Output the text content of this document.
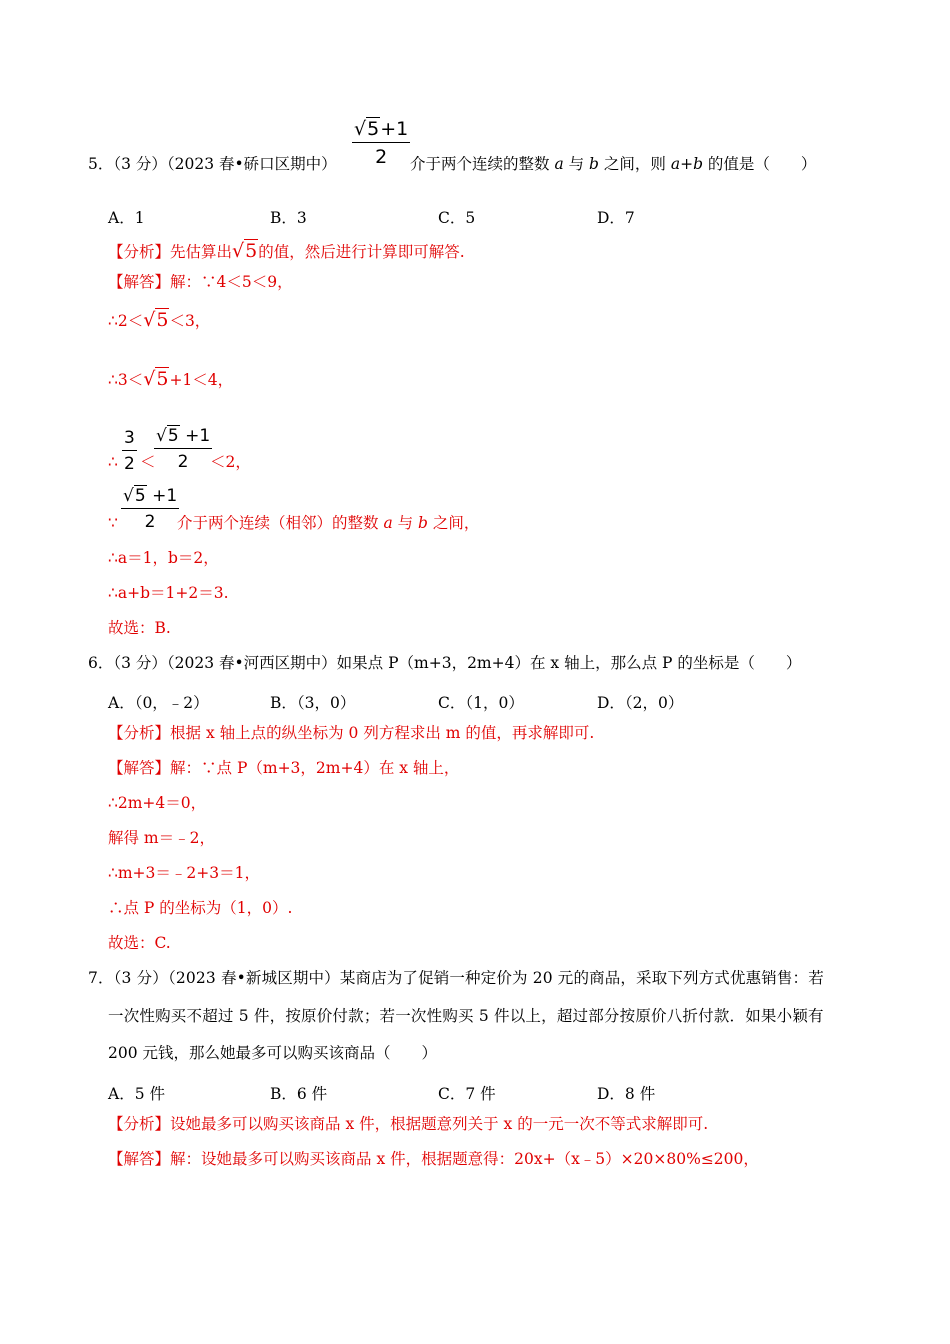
$\frac{√5+1}{2}$
5．（3 分）（2023 春•硚口区期中）	介于两个连续的整数 a 与 b 之间，则 a+b 的值是（　　）
A．1	B．3	C．5	D．7
【分析】先估算出√5的值，然后进行计算即可解答.
【解答】解：∵4＜5＜9，
∴2＜√5＜3，
∴3＜√5+1＜4，
∴ $\frac{3}{2}$ ＜
$\frac{√5 +1}{2}$
＜2，
∵ $\frac{√5 +1}{2}$
介于两个连续（相邻）的整数 a 与 b 之间，
∴a＝1，b＝2，
∴a+b＝1+2＝3.
故选：B.
6．（3 分）（2023 春•河西区期中）如果点 P（m+3，2m+4）在 x 轴上，那么点 P 的坐标是（　　）
A．（0，﹣2）	B．（3，0）	C．（1，0）	D．（2，0）
【分析】根据 x 轴上点的纵坐标为 0 列方程求出 m 的值，再求解即可.
【解答】解：∵点 P（m+3，2m+4）在 x 轴上，
∴2m+4＝0，
解得 m＝﹣2，
∴m+3＝﹣2+3＝1，
∴点 P 的坐标为（1，0）.
故选：C.
7．（3 分）（2023 春•新城区期中）某商店为了促销一种定价为 20 元的商品，采取下列方式优惠销售：若
一次性购买不超过 5 件，按原价付款；若一次性购买 5 件以上，超过部分按原价八折付款．如果小颖有
200 元钱，那么她最多可以购买该商品（　　）
A．5 件	B．6 件	C．7 件	D．8 件
【分析】设她最多可以购买该商品 x 件，根据题意列关于 x 的一元一次不等式求解即可.
【解答】解：设她最多可以购买该商品 x 件，根据题意得：20x+（x﹣5）×20×80%≤200，
